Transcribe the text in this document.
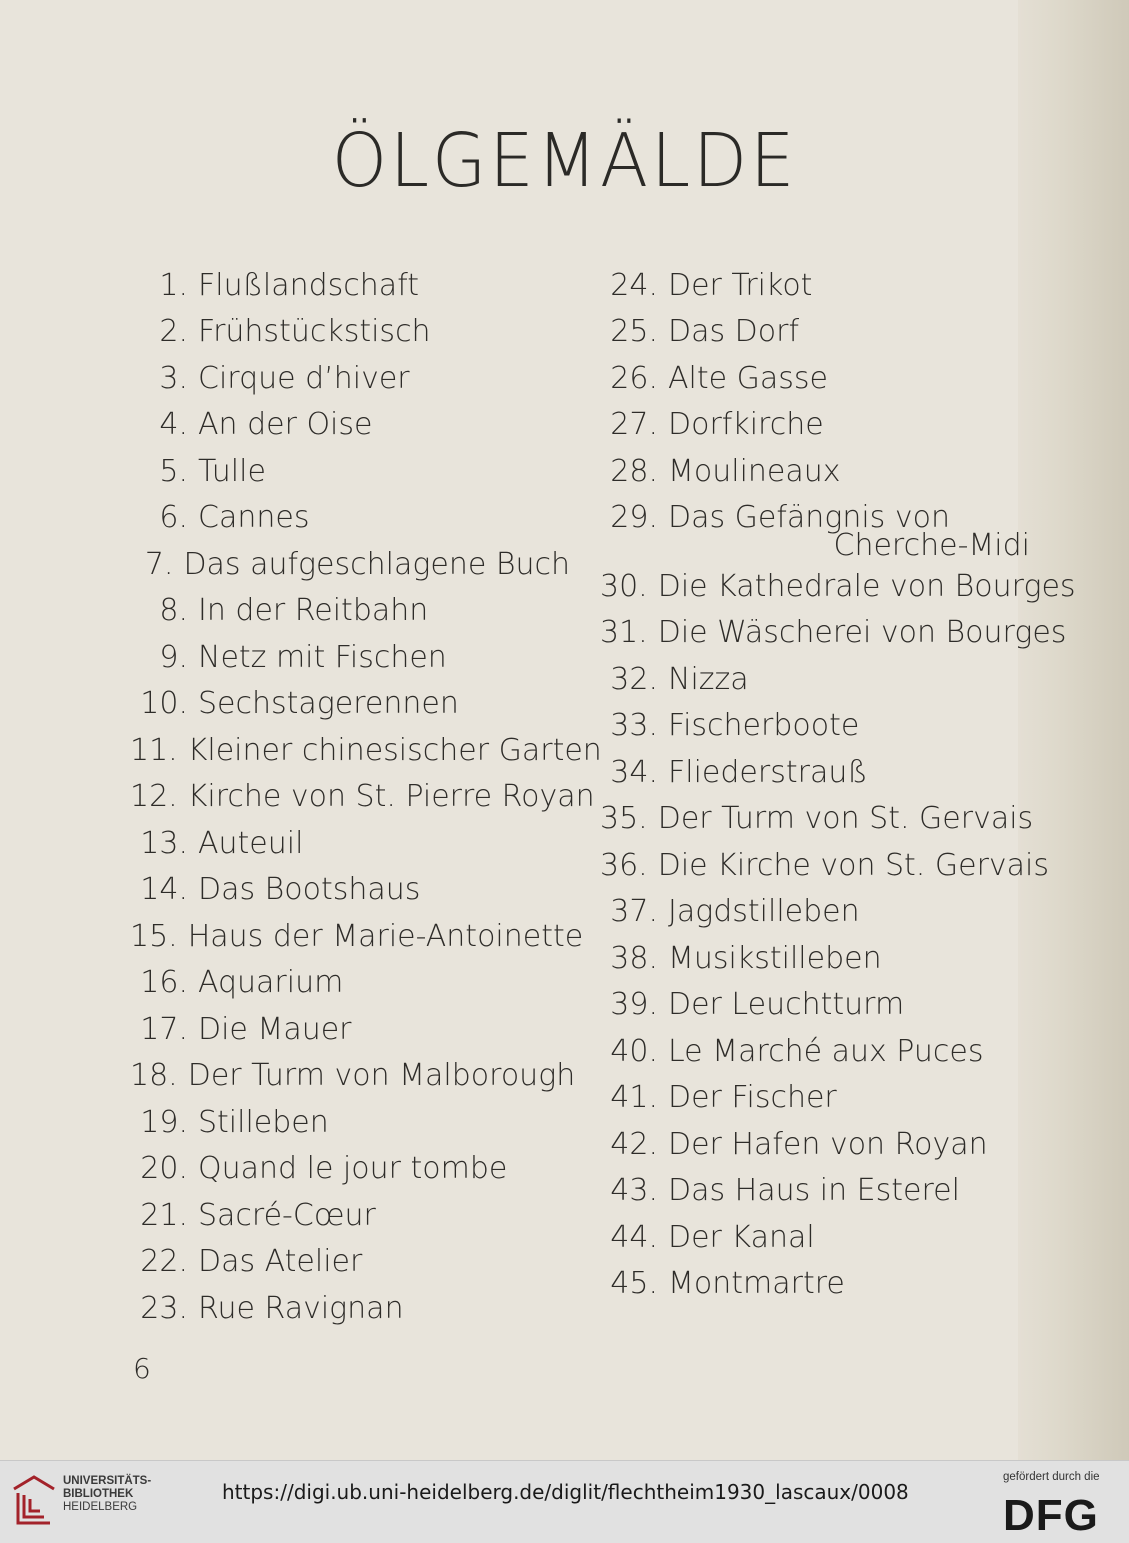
ÖLGEMÄLDE
1. Flußlandschaft
2. Frühstückstisch
3. Cirque d’hiver
4. An der Oise
5. Tulle
6. Cannes
7. Das aufgeschlagene Buch
8. In der Reitbahn
9. Netz mit Fischen
10. Sechstagerennen
11. Kleiner chinesischer Garten
12. Kirche von St. Pierre Royan
13. Auteuil
14. Das Bootshaus
15. Haus der Marie-Antoinette
16. Aquarium
17. Die Mauer
18. Der Turm von Malborough
19. Stilleben
20. Quand le jour tombe
21. Sacré-Cœur
22. Das Atelier
23. Rue Ravignan
24. Der Trikot
25. Das Dorf
26. Alte Gasse
27. Dorfkirche
28. Moulineaux
29. Das Gefängnis von
Cherche-Midi
30. Die Kathedrale von Bourges
31. Die Wäscherei von Bourges
32. Nizza
33. Fischerboote
34. Fliederstrauß
35. Der Turm von St. Gervais
36. Die Kirche von St. Gervais
37. Jagdstilleben
38. Musikstilleben
39. Der Leuchtturm
40. Le Marché aux Puces
41. Der Fischer
42. Der Hafen von Royan
43. Das Haus in Esterel
44. Der Kanal
45. Montmartre
6
UNIVERSITÄTS-
BIBLIOTHEK
HEIDELBERG
https://digi.ub.uni-heidelberg.de/diglit/flechtheim1930_lascaux/0008
gefördert durch die
DFG
